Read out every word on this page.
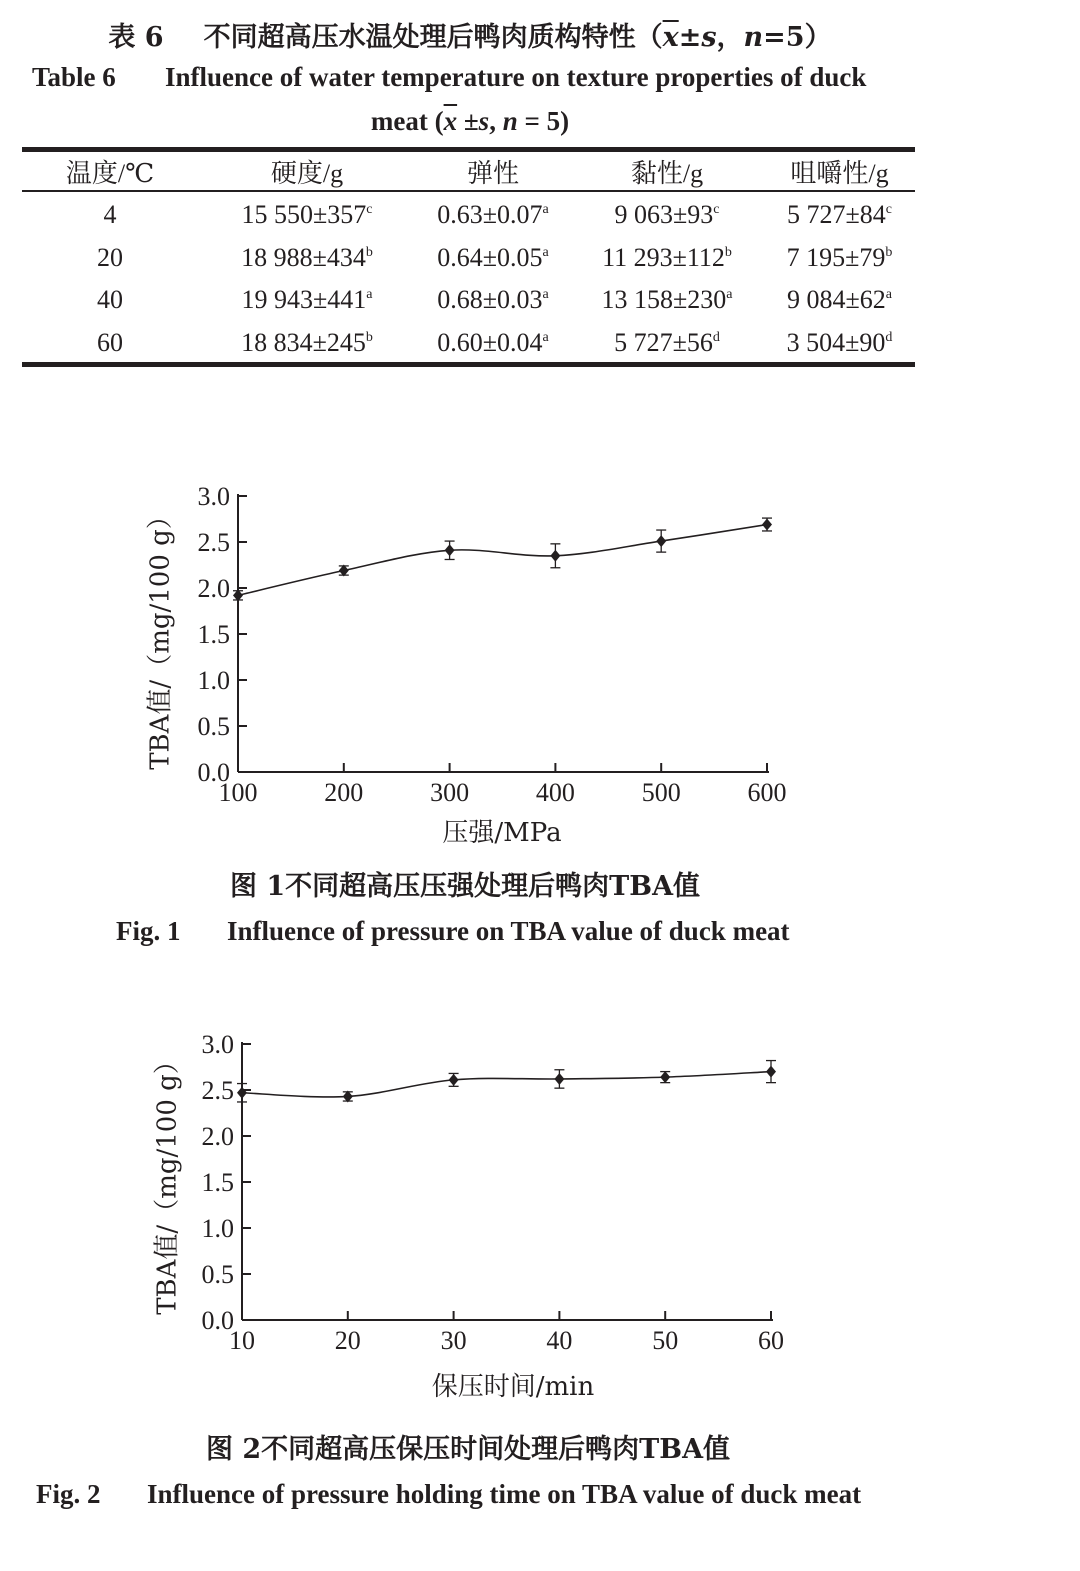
表 6 不同超高压水温处理后鸭肉质构特性（$\overline{x}\pm s$，n=5）
Table 6 Influence of water temperature on texture properties of duck
meat ($\overline{x} \pm s$, n = 5)
温度/℃	硬度/g	弹性	黏性/g	咀嚼性/g
4	15 $550\pm 357^c$	0.63±0.07$^a$	9 $063\pm 93^c$	5 $727\pm 84^c$
20	18 $988\pm 434^b$	0.64±0.05$^a$	11 $293\pm 112^b$	7 $195\pm 79^b$
40	19 $943\pm 441^a$	0.68±0.03$^a$	13 $158\pm 230^a$	9 $084\pm 62^a$
60	18 $834\pm 245^b$	0.60±0.04$^a$	5 $727\pm 56^d$	3 $504\pm 90^d$
0.0
0.5
1.0
1.5
2.0
2.5
3.0
100	200	300	400	500	600
TBA值/（mg/100 g）
压强/MPa
图 1不同超高压压强处理后鸭肉TBA值
Fig. 1 Influence of pressure on TBA value of duck meat
0.0
0.5
1.0
1.5
2.0
2.5
3.0
10	20	30	40	50	60
TBA值/（mg/100 g）
保压时间/min
图 2不同超高压保压时间处理后鸭肉TBA值
Fig. 2 Influence of pressure holding time on TBA value of duck meat
